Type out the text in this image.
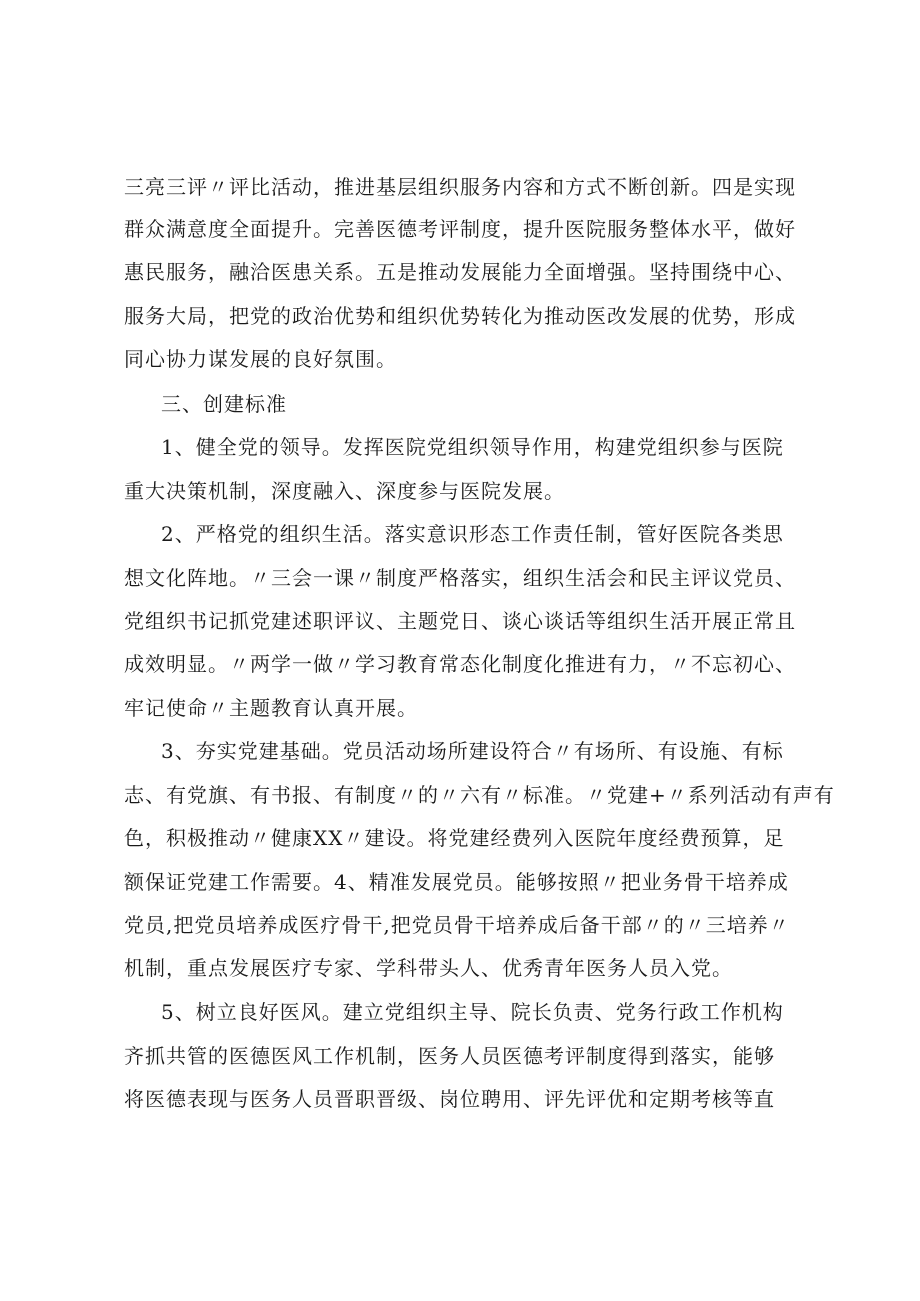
三亮三评〃评比活动，推进基层组织服务内容和方式不断创新。四是实现
群众满意度全面提升。完善医德考评制度，提升医院服务整体水平，做好
惠民服务，融洽医患关系。五是推动发展能力全面增强。坚持围绕中心、
服务大局，把党的政治优势和组织优势转化为推动医改发展的优势，形成
同心协力谋发展的良好氛围。
三、创建标准
1、健全党的领导。发挥医院党组织领导作用，构建党组织参与医院
重大决策机制，深度融入、深度参与医院发展。
2、严格党的组织生活。落实意识形态工作责任制，管好医院各类思
想文化阵地。〃三会一课〃制度严格落实，组织生活会和民主评议党员、
党组织书记抓党建述职评议、主题党日、谈心谈话等组织生活开展正常且
成效明显。〃两学一做〃学习教育常态化制度化推进有力，〃不忘初心、
牢记使命〃主题教育认真开展。
3、夯实党建基础。党员活动场所建设符合〃有场所、有设施、有标
志、有党旗、有书报、有制度〃的〃六有〃标准。〃党建+〃系列活动有声有
色，积极推动〃健康XX〃建设。将党建经费列入医院年度经费预算，足
额保证党建工作需要。4、精准发展党员。能够按照〃把业务骨干培养成
党员,把党员培养成医疗骨干,把党员骨干培养成后备干部〃的〃三培养〃
机制，重点发展医疗专家、学科带头人、优秀青年医务人员入党。
5、树立良好医风。建立党组织主导、院长负责、党务行政工作机构
齐抓共管的医德医风工作机制，医务人员医德考评制度得到落实，能够
将医德表现与医务人员晋职晋级、岗位聘用、评先评优和定期考核等直
